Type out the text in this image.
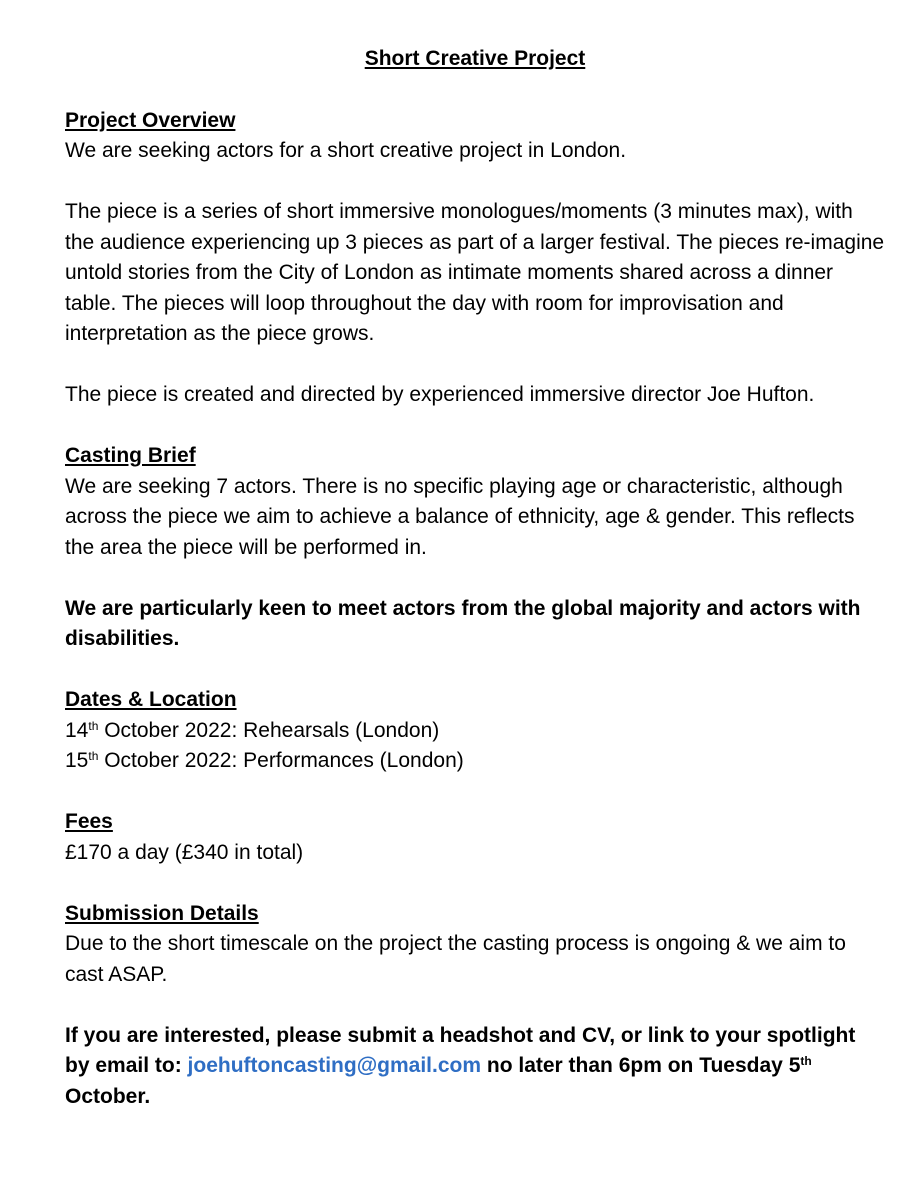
Short Creative Project

Project Overview

We are seeking actors for a short creative project in London.

The piece is a series of short immersive monologues/moments (3 minutes max), with the audience experiencing up 3 pieces as part of a larger festival. The pieces re-imagine untold stories from the City of London as intimate moments shared across a dinner table. The pieces will loop throughout the day with room for improvisation and interpretation as the piece grows.

The piece is created and directed by experienced immersive director Joe Hufton.

Casting Brief

We are seeking 7 actors. There is no specific playing age or characteristic, although across the piece we aim to achieve a balance of ethnicity, age & gender. This reflects the area the piece will be performed in.

We are particularly keen to meet actors from the global majority and actors with disabilities.

Dates & Location

14th October 2022: Rehearsals (London)

15th October 2022: Performances (London)

Fees

£170 a day (£340 in total)

Submission Details

Due to the short timescale on the project the casting process is ongoing & we aim to cast ASAP.

If you are interested, please submit a headshot and CV, or link to your spotlight by email to: joehuftoncasting@gmail.com no later than 6pm on Tuesday 5th October.
